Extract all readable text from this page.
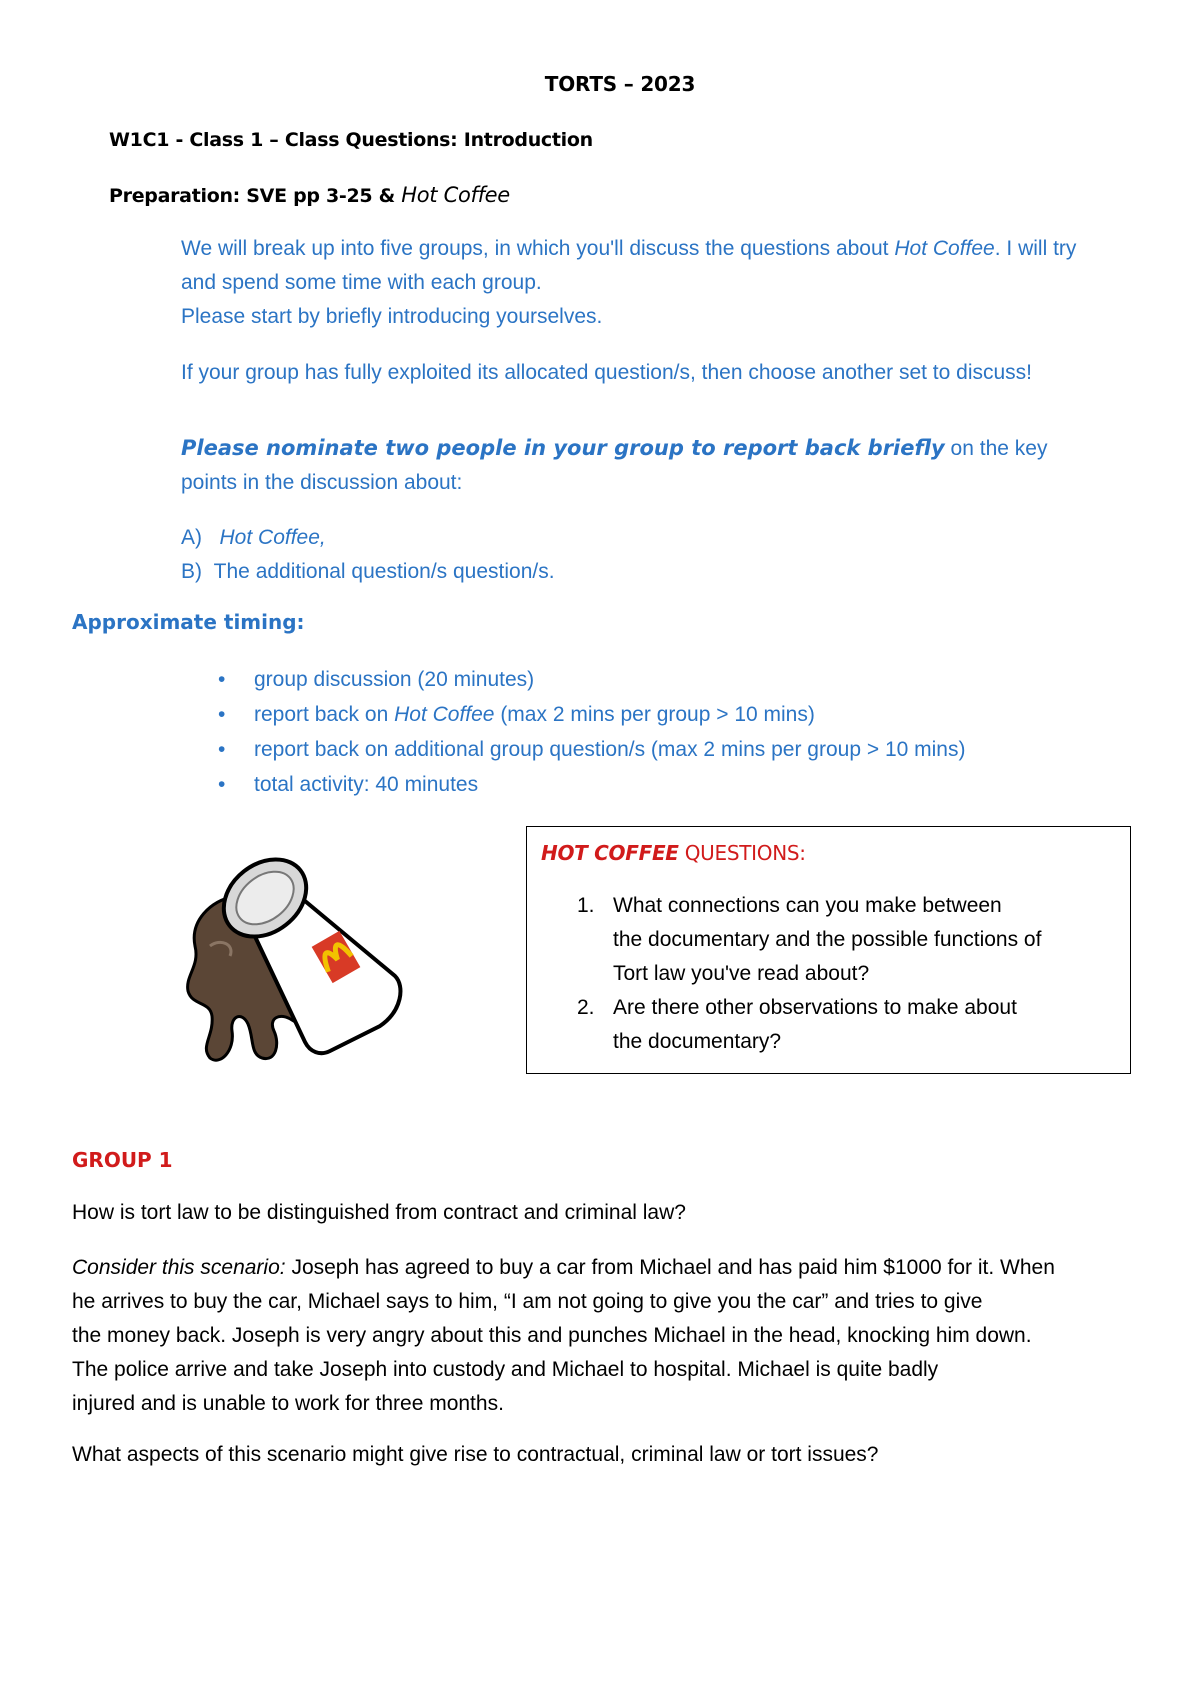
TORTS – 2023
W1C1 - Class 1 – Class Questions: Introduction
Preparation: SVE pp 3-25 & Hot Coffee
We will break up into five groups, in which you'll discuss the questions about Hot Coffee. I will try
and spend some time with each group.
Please start by briefly introducing yourselves.
If your group has fully exploited its allocated question/s, then choose another set to discuss!
Please nominate two people in your group to report back briefly on the key
points in the discussion about:
A) Hot Coffee,
B) The additional question/s question/s.
Approximate timing:
• group discussion (20 minutes)
• report back on Hot Coffee (max 2 mins per group > 10 mins)
• report back on additional group question/s (max 2 mins per group > 10 mins)
• total activity: 40 minutes
HOT COFFEE QUESTIONS:
1. What connections can you make between
the documentary and the possible functions of
Tort law you've read about?
2. Are there other observations to make about
the documentary?
GROUP 1
How is tort law to be distinguished from contract and criminal law?
Consider this scenario: Joseph has agreed to buy a car from Michael and has paid him $1000 for it. When
he arrives to buy the car, Michael says to him, “I am not going to give you the car” and tries to give
the money back. Joseph is very angry about this and punches Michael in the head, knocking him down.
The police arrive and take Joseph into custody and Michael to hospital. Michael is quite badly
injured and is unable to work for three months.
What aspects of this scenario might give rise to contractual, criminal law or tort issues?
